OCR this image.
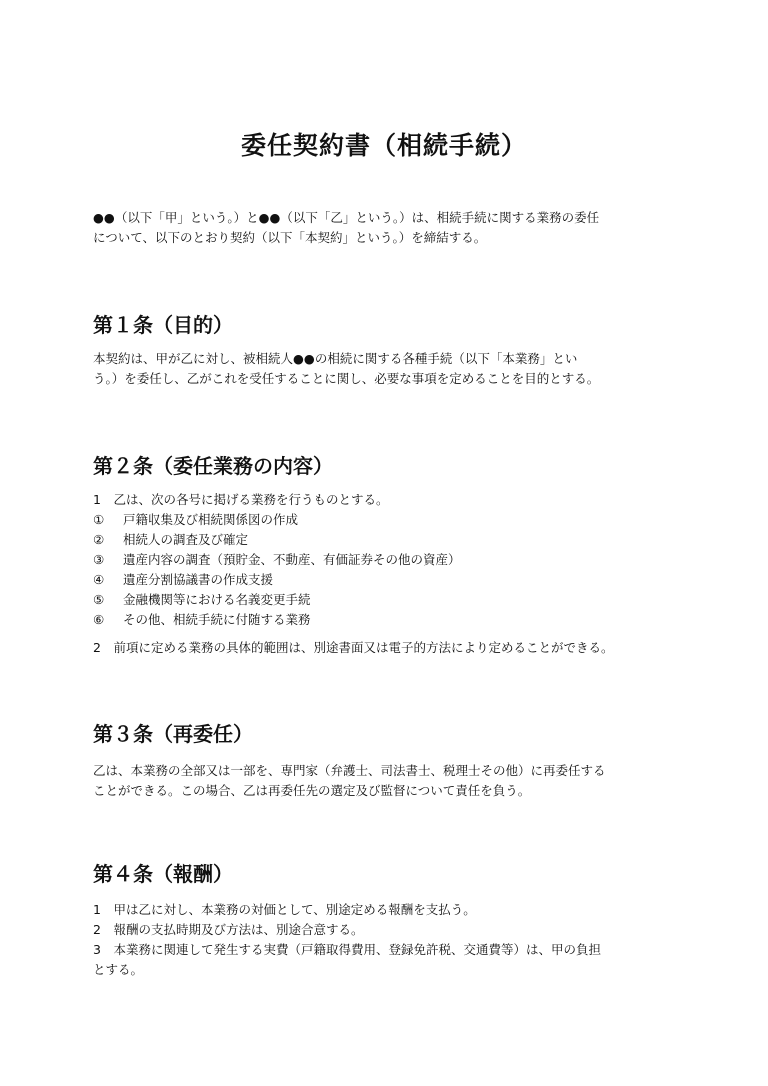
委任契約書（相続手続）
●●（以下「甲」という。）と●●（以下「乙」という。）は、相続手続に関する業務の委任
について、以下のとおり契約（以下「本契約」という。）を締結する。
第１条（目的）
本契約は、甲が乙に対し、被相続人●●の相続に関する各種手続（以下「本業務」とい
う。）を委任し、乙がこれを受任することに関し、必要な事項を定めることを目的とする。
第２条（委任業務の内容）
1　乙は、次の各号に掲げる業務を行うものとする。
① 戸籍収集及び相続関係図の作成
② 相続人の調査及び確定
③ 遺産内容の調査（預貯金、不動産、有価証券その他の資産）
④ 遺産分割協議書の作成支援
⑤ 金融機関等における名義変更手続
⑥ その他、相続手続に付随する業務
2　前項に定める業務の具体的範囲は、別途書面又は電子的方法により定めることができる。
第３条（再委任）
乙は、本業務の全部又は一部を、専門家（弁護士、司法書士、税理士その他）に再委任する
ことができる。この場合、乙は再委任先の選定及び監督について責任を負う。
第４条（報酬）
1　甲は乙に対し、本業務の対価として、別途定める報酬を支払う。
2　報酬の支払時期及び方法は、別途合意する。
3　本業務に関連して発生する実費（戸籍取得費用、登録免許税、交通費等）は、甲の負担
とする。
